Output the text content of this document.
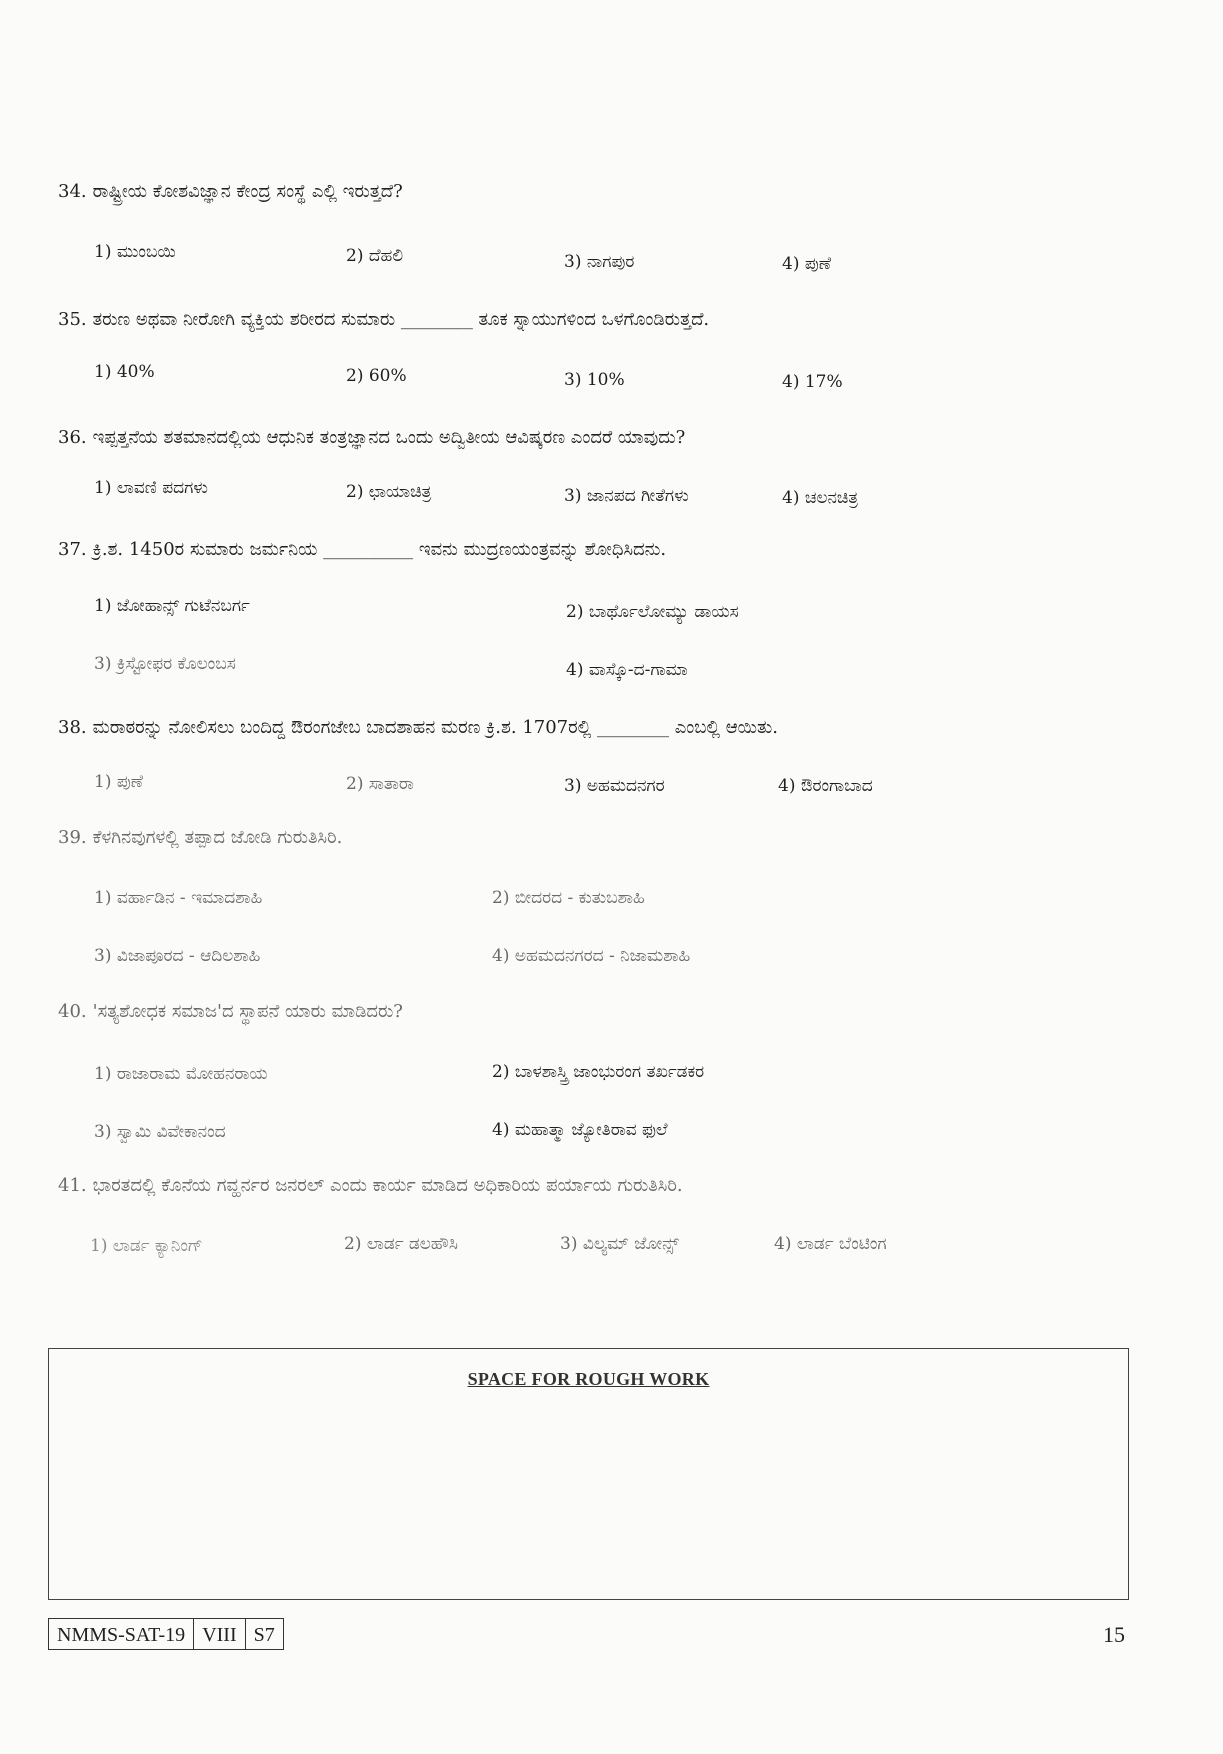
34. ರಾಷ್ಟ್ರೀಯ ಕೋಶವಿಜ್ಞಾನ ಕೇಂದ್ರ ಸಂಸ್ಥೆ ಎಲ್ಲಿ ಇರುತ್ತದೆ?
1) ಮುಂಬಯಿ	2) ದೆಹಲಿ	3) ನಾಗಪುರ	4) ಪುಣೆ
35. ತರುಣ ಅಥವಾ ನೀರೋಗಿ ವ್ಯಕ್ತಿಯ ಶರೀರದ ಸುಮಾರು ________ ತೂಕ ಸ್ನಾಯುಗಳಿಂದ ಒಳಗೊಂಡಿರುತ್ತದೆ.
1) 40%	2) 60%	3) 10%	4) 17%
36. ಇಪ್ಪತ್ತನೆಯ ಶತಮಾನದಲ್ಲಿಯ ಆಧುನಿಕ ತಂತ್ರಜ್ಞಾನದ ಒಂದು ಅದ್ವಿತೀಯ ಆವಿಷ್ಕರಣ ಎಂದರೆ ಯಾವುದು?
1) ಲಾವಣಿ ಪದಗಳು	2) ಛಾಯಾಚಿತ್ರ	3) ಜಾನಪದ ಗೀತೆಗಳು	4) ಚಲನಚಿತ್ರ
37. ಕ್ರಿ.ಶ. 1450ರ ಸುಮಾರು ಜರ್ಮನಿಯ __________ ಇವನು ಮುದ್ರಣಯಂತ್ರವನ್ನು ಶೋಧಿಸಿದನು.
1) ಜೋಹಾನ್ಸ್ ಗುಟೆನಬರ್ಗ	2) ಬಾರ್ಥೊಲೋಮ್ಯು ಡಾಯಸ
3) ಕ್ರಿಸ್ಟೋಫರ ಕೊಲಂಬಸ	4) ವಾಸ್ಕೊ-ದ-ಗಾಮಾ
38. ಮರಾಠರನ್ನು ನೋಲಿಸಲು ಬಂದಿದ್ದ ಔರಂಗಜೇಬ ಬಾದಶಾಹನ ಮರಣ ಕ್ರಿ.ಶ. 1707ರಲ್ಲಿ ________ ಎಂಬಲ್ಲಿ ಆಯಿತು.
1) ಪುಣೆ	2) ಸಾತಾರಾ	3) ಅಹಮದನಗರ	4) ಔರಂಗಾಬಾದ
39. ಕೆಳಗಿನವುಗಳಲ್ಲಿ ತಪ್ಪಾದ ಜೋಡಿ ಗುರುತಿಸಿರಿ.
1) ವರ್ಹಾಡಿನ - ಇಮಾದಶಾಹಿ	2) ಬೀದರದ - ಕುತುಬಶಾಹಿ
3) ವಿಜಾಪೂರದ - ಆದಿಲಶಾಹಿ	4) ಅಹಮದನಗರದ - ನಿಜಾಮಶಾಹಿ
40. 'ಸತ್ಯಶೋಧಕ ಸಮಾಜ'ದ ಸ್ಥಾಪನೆ ಯಾರು ಮಾಡಿದರು?
1) ರಾಜಾರಾಮ ಮೋಹನರಾಯ	2) ಬಾಳಶಾಸ್ತ್ರಿ ಜಾಂಭುರಂಗ ತರ್ಖಡಕರ
3) ಸ್ವಾಮಿ ವಿವೇಕಾನಂದ	4) ಮಹಾತ್ಮಾ ಜ್ಯೋತಿರಾವ ಫುಲೆ
41. ಭಾರತದಲ್ಲಿ ಕೊನೆಯ ಗವ್ಹರ್ನರ ಜನರಲ್ ಎಂದು ಕಾರ್ಯ ಮಾಡಿದ ಅಧಿಕಾರಿಯ ಪರ್ಯಾಯ ಗುರುತಿಸಿರಿ.
1) ಲಾರ್ಡ ಕ್ಯಾನಿಂಗ್	2) ಲಾರ್ಡ ಡಲಹೌಸಿ	3) ವಿಲ್ಯಮ್ ಜೋನ್ಸ್	4) ಲಾರ್ಡ ಬೆಂಟಿಂಗ
SPACE FOR ROUGH WORK
NMMS-SAT-19 VIII S7	15
